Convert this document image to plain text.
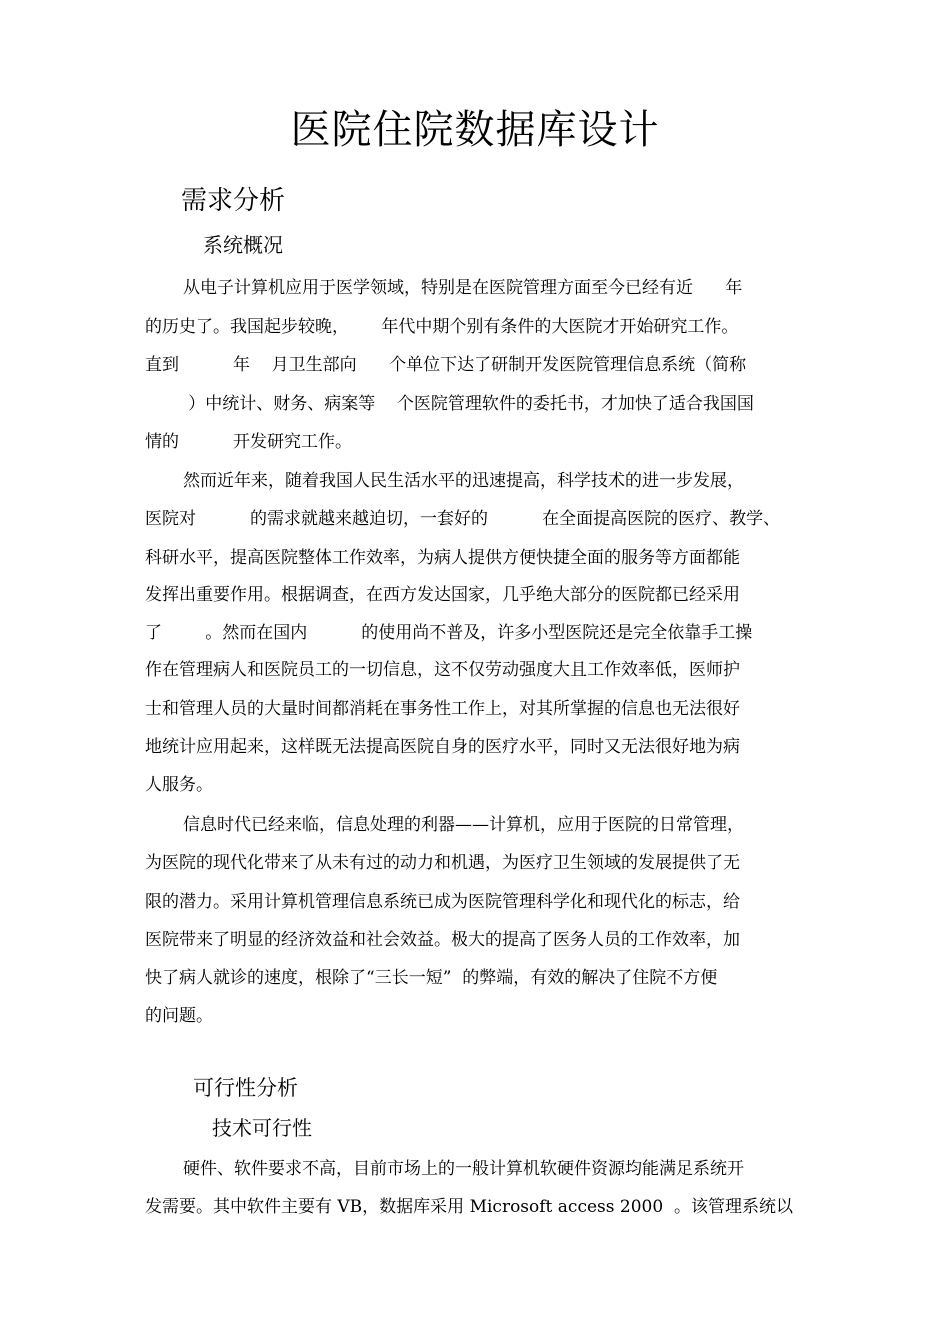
医院住院数据库设计
需求分析
系统概况
从电子计算机应用于医学领域，特别是在医院管理方面至今已经有近      年
的历史了。我国起步较晚，      年代中期个别有条件的大医院才开始研究工作。
直到          年    月卫生部向      个单位下达了研制开发医院管理信息系统（简称
）中统计、财务、病案等    个医院管理软件的委托书，才加快了适合我国国
情的          开发研究工作。
然而近年来，随着我国人民生活水平的迅速提高，科学技术的进一步发展，
医院对          的需求就越来越迫切，一套好的          在全面提高医院的医疗、教学、
科研水平，提高医院整体工作效率，为病人提供方便快捷全面的服务等方面都能
发挥出重要作用。根据调查，在西方发达国家，几乎绝大部分的医院都已经采用
了        。然而在国内          的使用尚不普及，许多小型医院还是完全依靠手工操
作在管理病人和医院员工的一切信息，这不仅劳动强度大且工作效率低，医师护
士和管理人员的大量时间都消耗在事务性工作上，对其所掌握的信息也无法很好
地统计应用起来，这样既无法提高医院自身的医疗水平，同时又无法很好地为病
人服务。
信息时代已经来临，信息处理的利器——计算机，应用于医院的日常管理，
为医院的现代化带来了从未有过的动力和机遇，为医疗卫生领域的发展提供了无
限的潜力。采用计算机管理信息系统已成为医院管理科学化和现代化的标志，给
医院带来了明显的经济效益和社会效益。极大的提高了医务人员的工作效率，加
快了病人就诊的速度，根除了“三长一短”  的弊端，有效的解决了住院不方便
的问题。
可行性分析
技术可行性
硬件、软件要求不高，目前市场上的一般计算机软硬件资源均能满足系统开
发需要。其中软件主要有 VB，数据库采用 Microsoft access 2000  。该管理系统以
